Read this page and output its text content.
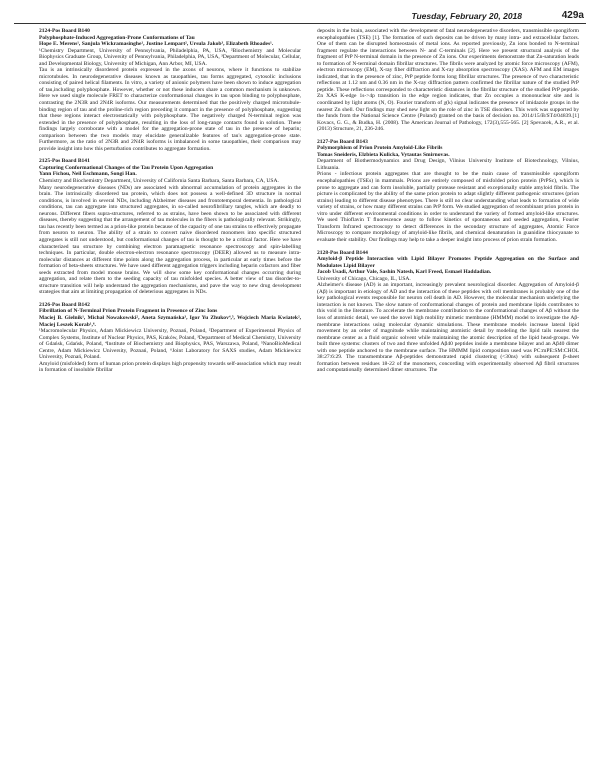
Tuesday, February 20, 2018	429a
2124-Pos Board B140
Polyphosphate-Induced Aggregation-Prone Conformations of Tau
Hope E. Merens¹, Sanjula Wickramasinghe¹, Justine Lempart², Ursula Jakob³, Elizabeth Rhoades¹.
¹Chemistry Department, University of Pennsylvania, Philadelphia, PA, USA, ²Biochemistry and Molecular Biophysics Graduate Group, University of Pennsylvania, Philadelphia, PA, USA, ³Department of Molecular, Cellular, and Developmental Biology, University of Michigan, Ann Arbor, MI, USA.
Tau is an intrinsically disordered protein expressed in the axons of neurons, where it functions to stabilize microtubules. In neurodegenerative diseases known as tauopathies, tau forms aggregated, cytosolic inclusions consisting of paired helical filaments. In vitro, a variety of anionic polymers have been shown to induce aggregation of tau,including polyphosphate. However, whether or not these inducers share a common mechanism is unknown. Here we used single molecule FRET to characterize conformational changes in tau upon binding to polyphosphate, contrasting the 2N3R and 2N4R isoforms. Our measurements determined that the positively charged microtubule-binding region of tau and the proline-rich region preceding it compact in the presence of polyphosphate, suggesting that these regions interact electrostatically with polyphosphate. The negatively charged N-terminal region was extended in the presence of polyphosphate, resulting in the loss of long-range contacts found in solution. These findings largely corroborate with a model for the aggregation-prone state of tau in the presence of heparin; comparison between the two models may elucidate generalizable features of tau's aggregation-prone state. Furthermore, as the ratio of 2N3R and 2N4R isoforms is imbalanced in some tauopathies, their comparison may provide insight into how this perturbation contributes to aggregate formation.
2125-Pos Board B141
Capturing Conformational Changes of the Tau Protein Upon Aggregation
Yann Fichou, Neil Eschmann, Songi Han.
Chemistry and Biochemistry Department, University of California Santa Barbara, Santa Barbara, CA, USA.
Many neurodegenerative diseases (NDs) are associated with abnormal accumulation of protein aggregates in the brain. The intrinsically disordered tau protein, which does not possess a well-defined 3D structure in normal conditions, is involved in several NDs, including Alzheimer diseases and frontotemporal dementia. In pathological conditions, tau can aggregate into structured aggregates, in so-called neurofibrillary tangles, which are deadly to neurons. Different fibers supra-structures, referred to as strains, have been shown to be associated with different diseases, thereby suggesting that the arrangement of tau molecules in the fibers is pathologically relevant. Strikingly, tau has recently been termed as a prion-like protein because of the capacity of one tau strains to effectively propagate from neuron to neuron. The ability of a strain to convert naive disordered monomers into specific structured aggregates is still not understood, but conformational changes of tau is thought to be a critical factor. Here we have characterized tau structure by combining electron paramagnetic resonance spectroscopy and spin-labelling techniques. In particular, double electron-electron resonance spectroscopy (DEER) allowed us to measure intra-molecular distances at different time points along the aggregation process, in particular at early times before the formation of beta-sheets structures. We have used different aggregation triggers including heparin cofactors and fiber seeds extracted from model mouse brains. We will show some key conformational changes occurring during aggregation, and relate them to the seeding capacity of tau misfolded species. A better view of tau disorder-to-structure transition will help understand the aggregation mechanisms, and pave the way to new drug development strategies that aim at limiting propagation of deleterious aggregates in NDs.
2126-Pos Board B142
Fibrillation of N-Terminal Prion Protein Fragment in Presence of Zinc Ions
Maciej B. Gielnik¹, Michał Nowakowski², Aneta Szymańska³, Igor Yu Zhukov⁴,⁵, Wojciech Maria Kwiatek², Maciej Leszek Korab¹,⁶.
¹Macromolecular Physics, Adam Mickiewicz University, Poznań, Poland, ²Department of Experimental Physics of Complex Systems, Institute of Nuclear Physics, PAS, Kraków, Poland, ³Department of Medical Chemistry, University of Gdańsk, Gdańsk, Poland, ⁴Institute of Biochemistry and Biophysics, PAS, Warszawa, Poland, ⁵NanoBioMedical Centre, Adam Mickiewicz University, Poznań, Poland, ⁶Joint Laboratory for SAXS studies, Adam Mickiewicz University, Poznań, Poland.
Amyloid (misfolded) form of human prion protein displays high propensity towards self-association which may result in formation of insoluble fibrillar
deposits in the brain, associated with the development of fatal neurodegenerative disorders, transmissible spongiform encephalopathies (TSE) [1]. The formation of such deposits can be driven by many intra- and extracellular factors. One of them can be disrupted homeostasis of metal ions. As reported previously, Zn ions bonded to N-terminal fragment regulate the interactions between N- and C-terminals [2]. Here we present structural analysis of the fragment of PrP N-terminal domain in the presence of Zn ions. Our experiments demonstrate that Zn-saturation leads to formation of N-terminal domain fibrillar structures. The fibrils were analyzed by atomic force microscopy (AFM), electron microscopy (EM), X-ray fiber diffraction and X-ray absorption spectroscopy (XAS). AFM and EM images indicated, that in the presence of zinc, PrP peptide forms long fibrillar structures. The presence of two characteristic reflections at 1.12 nm and 0.36 nm in the X-ray diffraction pattern confirmed the fibrillar nature of the studied PrP peptide. These reflections corresponded to characteristic distances in the fibrillar structure of the studied PrP peptide. Zn XAS K-edge 1s->4p transition in the edge region indicates, that Zn occupies a mononuclear site and is coordinated by light atoms (N, O). Fourier transform of χ(k) signal indicates the presence of imidazole groups in the nearest Zn shell. Our findings may shed new light on the role of zinc in TSE disorders. This work was supported by the funds from the National Science Centre (Poland) granted on the basis of decision no. 2014/15/B/ST4/04839.[1] Kovacs, G. G., & Budka, H. (2008). The American Journal of Pathology, 172(3),555-565. [2] Spevacek, A.R., et al. (2013) Structure, 21, 236-246.
2127-Pos Board B143
Polymorphism of Prion Protein Amyloid-Like Fibrils
Tomas Sneideris, Elzbieta Kulicka, Vytautas Smirnovas.
Department of Biothermodynamics and Drug Design, Vilnius University Institute of Biotechnology, Vilnius, Lithuania.
Prions - infectious protein aggregates that are thought to be the main cause of transmissible spongiform encephalopathies (TSEs) in mammals. Prions are entirely composed of misfolded prion protein (PrPSc), which is prone to aggregate and can form insoluble, partially protease resistant and exceptionally stable amyloid fibrils. The picture is complicated by the ability of the same prion protein to adapt slightly different pathogenic structures (prion strains) leading to different disease phenotypes. There is still no clear understanding what leads to formation of wide variety of strains, or how many different strains can PrP form. We studied aggregation of recombinant prion protein in vitro under different environmental conditions in order to understand the variety of formed amyloid-like structures. We used Thioflavin T fluorescence assay to follow kinetics of spontaneous and seeded aggregation, Fourier Transform Infrared spectroscopy to detect differences in the secondary structure of aggregates, Atomic Force Microscopy to compare morphology of amyloid-like fibrils, and chemical denaturation in guanidine thiocyanate to evaluate their stability. Our findings may help to take a deeper insight into process of prion strain formation.
2128-Pos Board B144
Amyloid-β Peptide Interaction with Lipid Bilayer Promotes Peptide Aggregation on the Surface and Modulates Lipid Bilayer
Jacob Usadi, Arthur Vale, Sashin Natesh, Karl Freed, Esmael Haddadian.
University of Chicago, Chicago, IL, USA.
Alzheimer's disease (AD) is an important, increasingly prevalent neurological disorder. Aggregation of Amyloid-β (Aβ) is important in etiology of AD and the interaction of these peptides with cell membranes is probably one of the key pathological events responsible for neuron cell death in AD. However, the molecular mechanism underlying the interaction is not known. The slow nature of conformational changes of protein and membrane lipids contributes to this void in the literature. To accelerate the membrane contribution to the conformational changes of Aβ without the loss of atomistic detail, we used the novel high mobility mimetic membrane (HMMM) model to investigate the Aβ-membrane interactions using molecular dynamic simulations. These membrane models increase lateral lipid movement by an order of magnitude while maintaining atomistic detail by modeling the lipid tails nearest the membrane center as a fluid organic solvent while maintaining the atomic description of the lipid head-groups. We built three systems: clusters of two and three unfolded Aβ40 peptides inside a membrane bilayer and an Aβ40 dimer with one peptide anchored to the membrane surface. The HMMM lipid composition used was PC:mPE:SM:CHOL 38:27:6:29. The transmembrane Aβ-peptides demonstrated rapid clustering (<30ns) with subsequent β-sheet formation between residues 18-22 of the monomers, concording with experimentally observed Aβ fibril structures and computationally determined dimer structures. The
